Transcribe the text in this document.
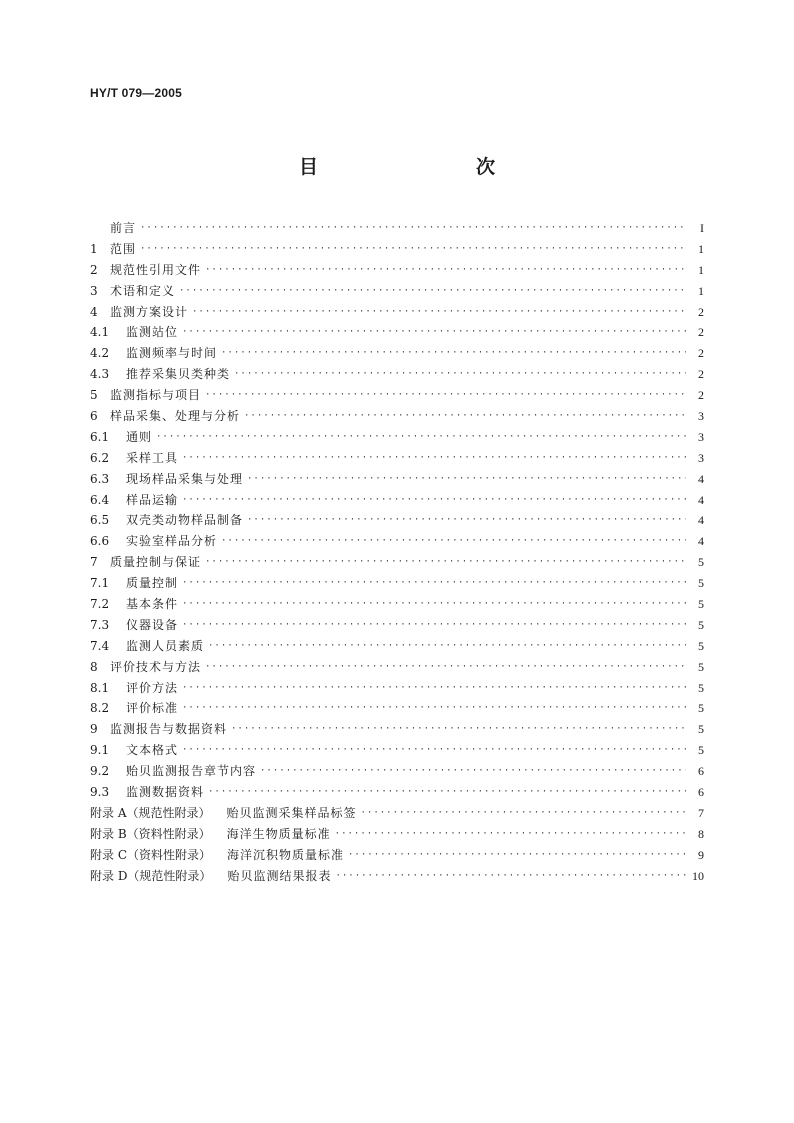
HY/T 079—2005
目　　次
前言 ·····	I
1	范围 ·····	1
2	规范性引用文件 ·····	1
3	术语和定义 ·····	1
4	监测方案设计 ·····	2
4.1	监测站位 ·····	2
4.2	监测频率与时间 ·····	2
4.3	推荐采集贝类种类 ·····	2
5	监测指标与项目 ·····	2
6	样品采集、处理与分析 ·····	3
6.1	通则 ·····	3
6.2	采样工具 ·····	3
6.3	现场样品采集与处理 ·····	4
6.4	样品运输 ·····	4
6.5	双壳类动物样品制备 ·····	4
6.6	实验室样品分析 ·····	4
7	质量控制与保证 ·····	5
7.1	质量控制 ·····	5
7.2	基本条件 ·····	5
7.3	仪器设备 ·····	5
7.4	监测人员素质 ·····	5
8	评价技术与方法 ·····	5
8.1	评价方法 ·····	5
8.2	评价标准 ·····	5
9	监测报告与数据资料 ·····	5
9.1	文本格式 ·····	5
9.2	贻贝监测报告章节内容 ·····	6
9.3	监测数据资料 ·····	6
附录 A（规范性附录） 贻贝监测采集样品标签 ·····	7
附录 B（资料性附录） 海洋生物质量标准 ·····	8
附录 C（资料性附录） 海洋沉积物质量标准 ·····	9
附录 D（规范性附录） 贻贝监测结果报表 ·····	10
